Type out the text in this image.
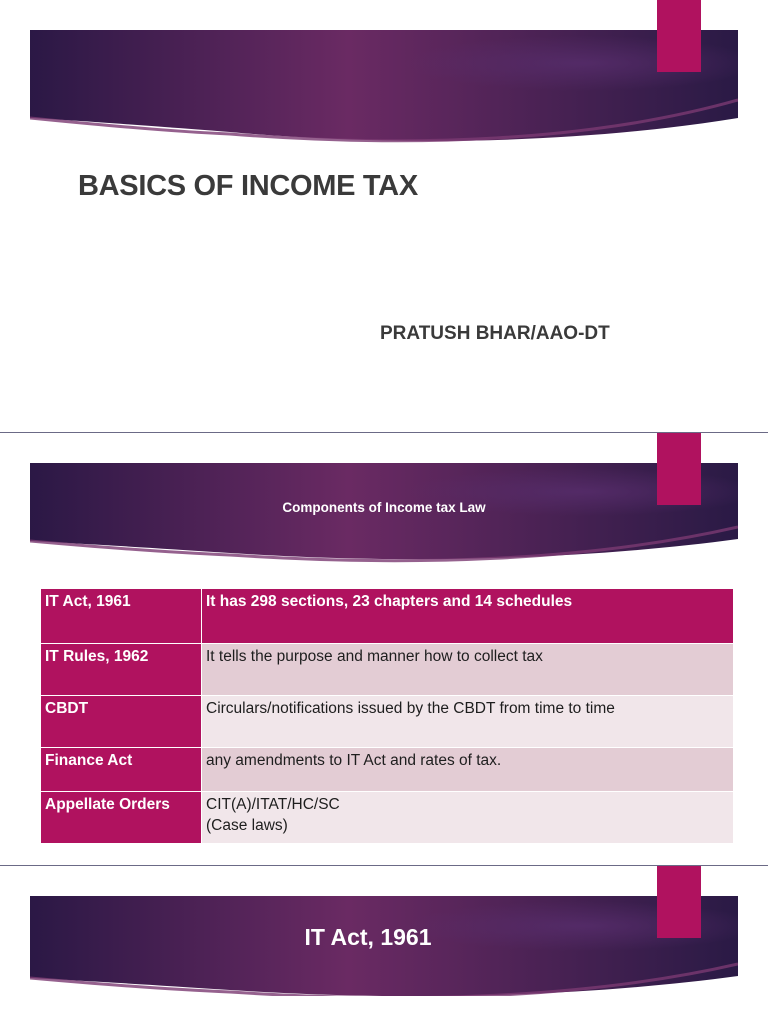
BASICS OF INCOME TAX
PRATUSH BHAR/AAO-DT
Components of Income tax Law
IT Act, 1961	It has 298 sections, 23 chapters and 14 schedules
IT Rules, 1962	It tells the purpose and manner how to collect tax
CBDT	Circulars/notifications issued by the CBDT from time to time
Finance Act	any amendments to IT Act and rates of tax.
Appellate Orders	CIT(A)/ITAT/HC/SC
(Case laws)
IT Act, 1961
